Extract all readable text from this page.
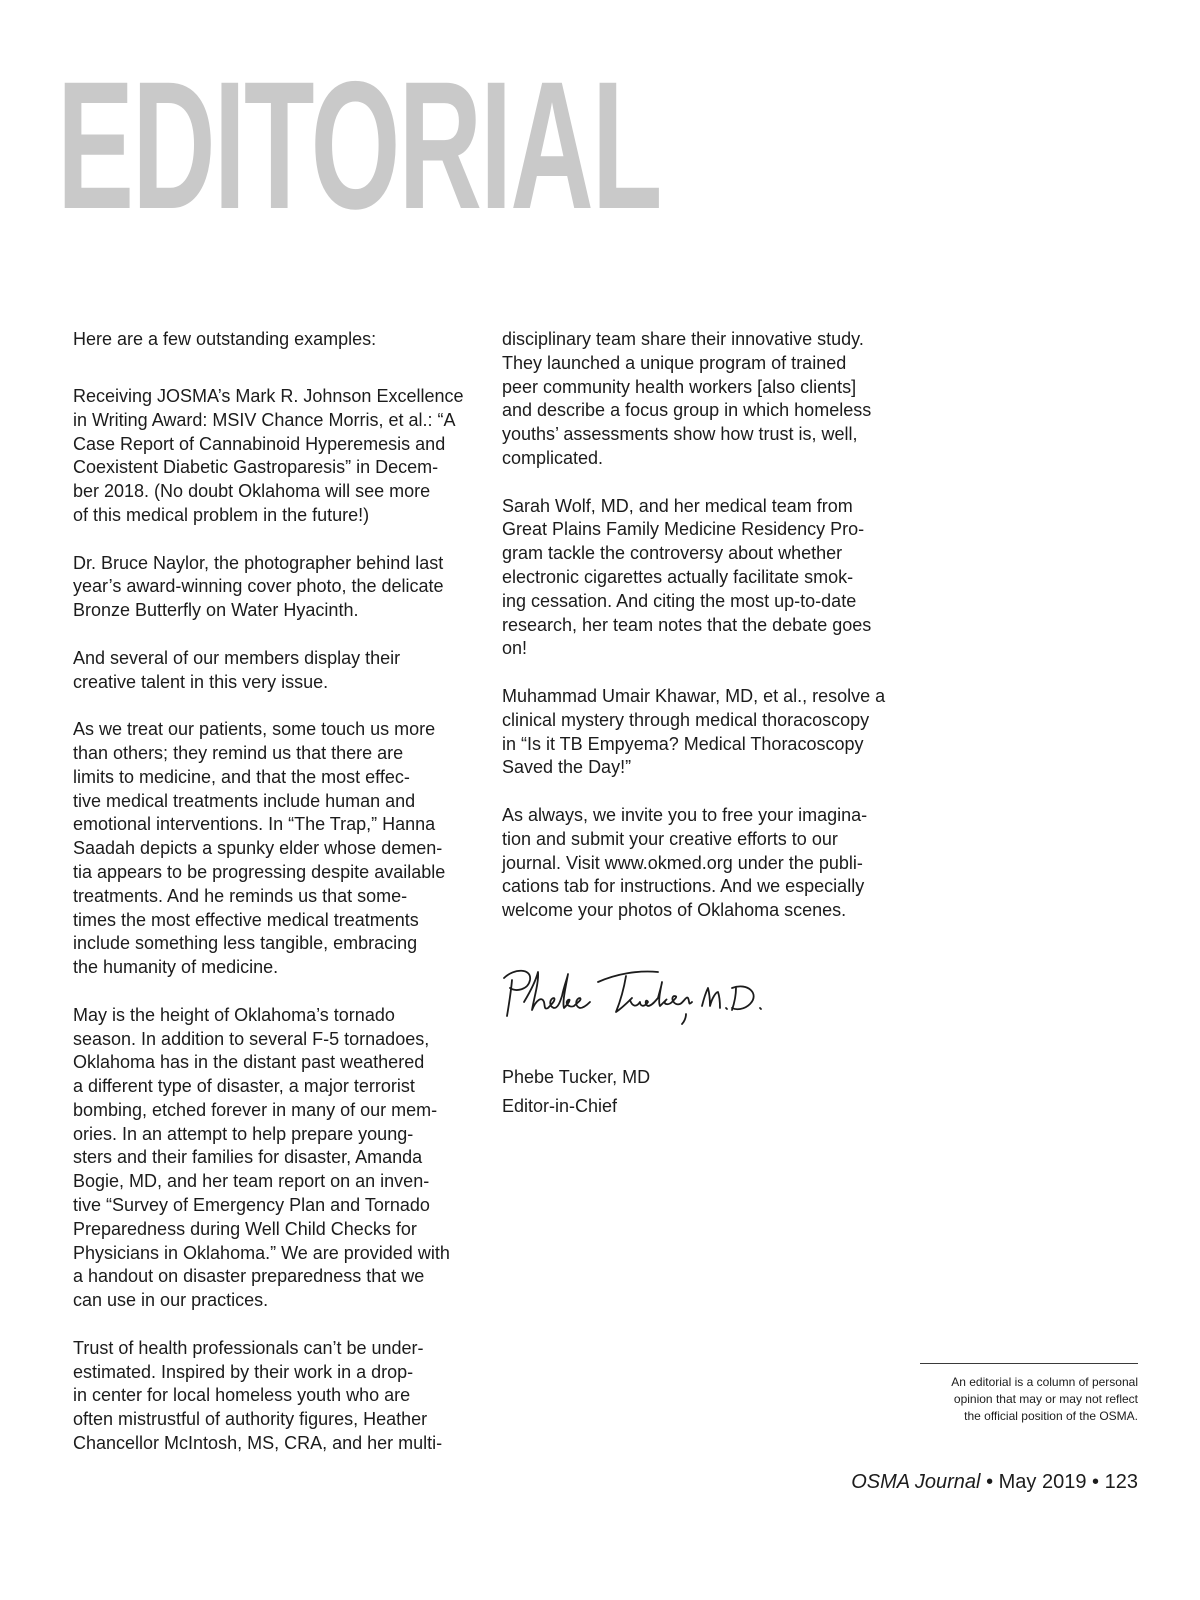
EDITORIAL
Here are a few outstanding examples:
Receiving JOSMA’s Mark R. Johnson Excellence
in Writing Award: MSIV Chance Morris, et al.: “A
Case Report of Cannabinoid Hyperemesis and
Coexistent Diabetic Gastroparesis” in Decem-
ber 2018. (No doubt Oklahoma will see more
of this medical problem in the future!)
Dr. Bruce Naylor, the photographer behind last
year’s award-winning cover photo, the delicate
Bronze Butterfly on Water Hyacinth.
And several of our members display their
creative talent in this very issue.
As we treat our patients, some touch us more
than others; they remind us that there are
limits to medicine, and that the most effec-
tive medical treatments include human and
emotional interventions. In “The Trap,” Hanna
Saadah depicts a spunky elder whose demen-
tia appears to be progressing despite available
treatments. And he reminds us that some-
times the most effective medical treatments
include something less tangible, embracing
the humanity of medicine.
May is the height of Oklahoma’s tornado
season. In addition to several F-5 tornadoes,
Oklahoma has in the distant past weathered
a different type of disaster, a major terrorist
bombing, etched forever in many of our mem-
ories. In an attempt to help prepare young-
sters and their families for disaster, Amanda
Bogie, MD, and her team report on an inven-
tive “Survey of Emergency Plan and Tornado
Preparedness during Well Child Checks for
Physicians in Oklahoma.” We are provided with
a handout on disaster preparedness that we
can use in our practices.
Trust of health professionals can’t be under-
estimated. Inspired by their work in a drop-
in center for local homeless youth who are
often mistrustful of authority figures, Heather
Chancellor McIntosh, MS, CRA, and her multi-
disciplinary team share their innovative study.
They launched a unique program of trained
peer community health workers [also clients]
and describe a focus group in which homeless
youths’ assessments show how trust is, well,
complicated.
Sarah Wolf, MD, and her medical team from
Great Plains Family Medicine Residency Pro-
gram tackle the controversy about whether
electronic cigarettes actually facilitate smok-
ing cessation. And citing the most up-to-date
research, her team notes that the debate goes
on!
Muhammad Umair Khawar, MD, et al., resolve a
clinical mystery through medical thoracoscopy
in “Is it TB Empyema? Medical Thoracoscopy
Saved the Day!”
As always, we invite you to free your imagina-
tion and submit your creative efforts to our
journal. Visit www.okmed.org under the publi-
cations tab for instructions. And we especially
welcome your photos of Oklahoma scenes.
Phebe Tucker, MD
Editor-in-Chief
An editorial is a column of personal
opinion that may or may not reflect
the official position of the OSMA.
OSMA Journal • May 2019 • 123
